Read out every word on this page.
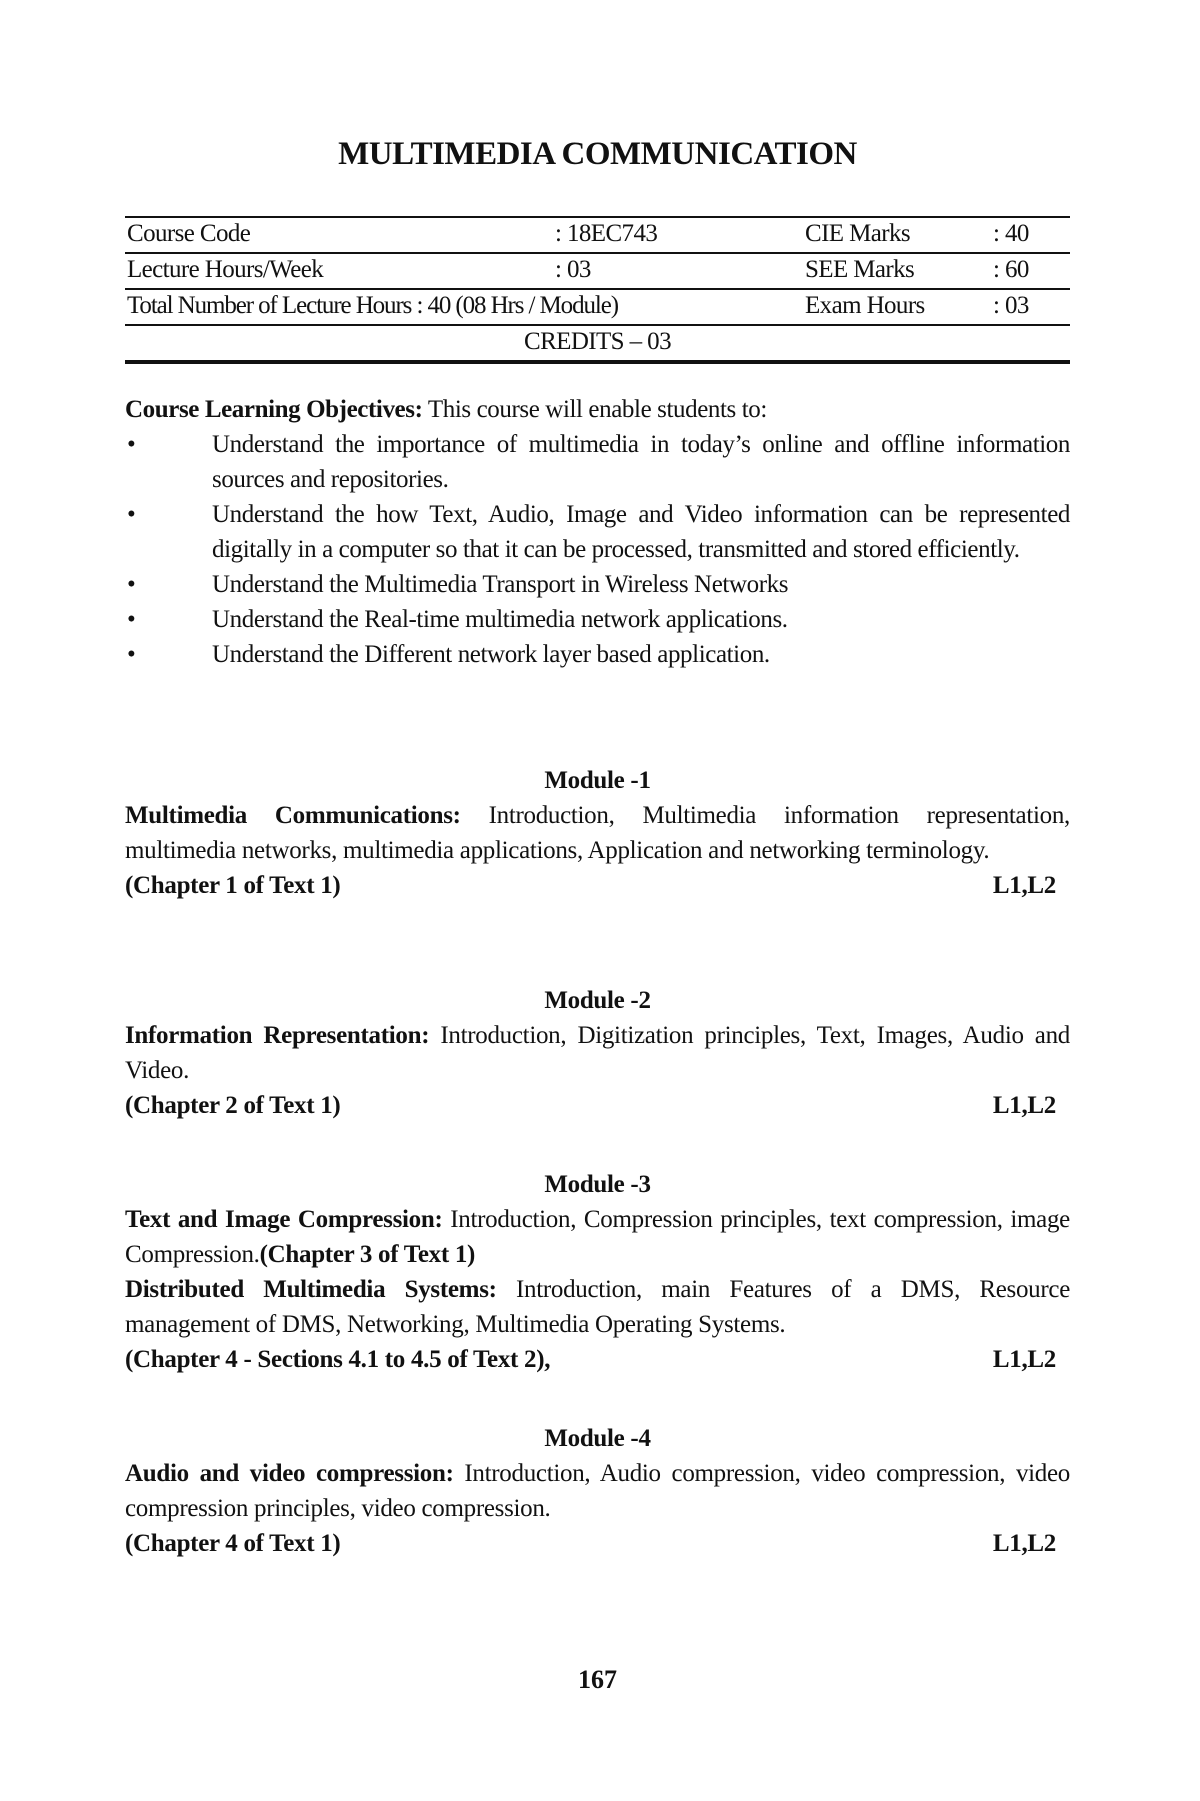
MULTIMEDIA COMMUNICATION
Course Code	: 18EC743	CIE Marks	: 40
Lecture Hours/Week	: 03	SEE Marks	: 60
Total Number of Lecture Hours : 40 (08 Hrs / Module)	Exam Hours	: 03
CREDITS – 03

Course Learning Objectives: This course will enable students to:

•	Understand the importance of multimedia in today’s online and offline information sources and repositories.
•	Understand the how Text, Audio, Image and Video information can be represented digitally in a computer so that it can be processed, transmitted and stored efficiently.
•	Understand the Multimedia Transport in Wireless Networks
•	Understand the Real-time multimedia network applications.
•	Understand the Different network layer based application.
Module -1

Multimedia Communications: Introduction, Multimedia information representation, multimedia networks, multimedia applications, Application and networking terminology.

(Chapter 1 of Text 1)	L1,L2
Module -2

Information Representation: Introduction, Digitization principles, Text, Images, Audio and Video.

(Chapter 2 of Text 1)	L1,L2
Module -3

Text and Image Compression: Introduction, Compression principles, text compression, image Compression.(Chapter 3 of Text 1)

Distributed Multimedia Systems: Introduction, main Features of a DMS, Resource management of DMS, Networking, Multimedia Operating Systems.

(Chapter 4 - Sections 4.1 to 4.5 of Text 2),	L1,L2
Module -4

Audio and video compression: Introduction, Audio compression, video compression, video compression principles, video compression.

(Chapter 4 of Text 1)	L1,L2
167
